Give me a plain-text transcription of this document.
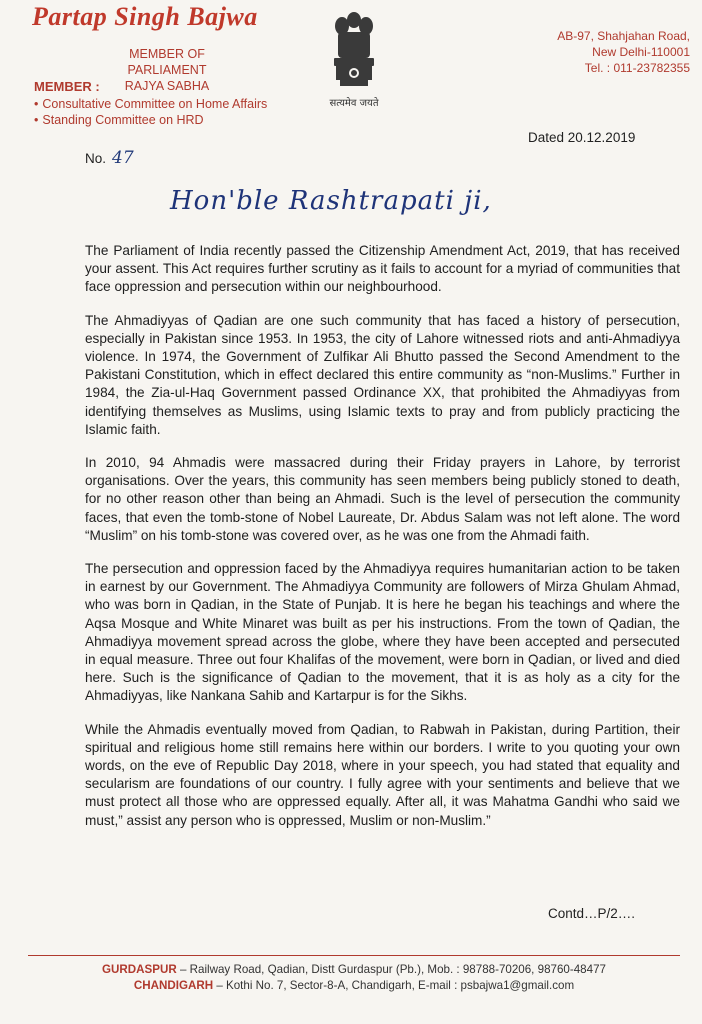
Partap Singh Bajwa
MEMBER OF PARLIAMENT
RAJYA SABHA
MEMBER :
• Consultative Committee on Home Affairs
• Standing Committee on HRD
सत्यमेव जयते
AB-97, Shahjahan Road,
New Delhi-110001
Tel. : 011-23782355
Dated 20.12.2019
No. 47
Hon'ble Rashtrapati ji,

The Parliament of India recently passed the Citizenship Amendment Act, 2019, that has received your assent. This Act requires further scrutiny as it fails to account for a myriad of communities that face oppression and persecution within our neighbourhood.

The Ahmadiyyas of Qadian are one such community that has faced a history of persecution, especially in Pakistan since 1953. In 1953, the city of Lahore witnessed riots and anti-Ahmadiyya violence. In 1974, the Government of Zulfikar Ali Bhutto passed the Second Amendment to the Pakistani Constitution, which in effect declared this entire community as “non-Muslims.” Further in 1984, the Zia-ul-Haq Government passed Ordinance XX, that prohibited the Ahmadiyyas from identifying themselves as Muslims, using Islamic texts to pray and from publicly practicing the Islamic faith.

In 2010, 94 Ahmadis were massacred during their Friday prayers in Lahore, by terrorist organisations. Over the years, this community has seen members being publicly stoned to death, for no other reason other than being an Ahmadi. Such is the level of persecution the community faces, that even the tomb-stone of Nobel Laureate, Dr. Abdus Salam was not left alone. The word “Muslim” on his tomb-stone was covered over, as he was one from the Ahmadi faith.

The persecution and oppression faced by the Ahmadiyya requires humanitarian action to be taken in earnest by our Government. The Ahmadiyya Community are followers of Mirza Ghulam Ahmad, who was born in Qadian, in the State of Punjab. It is here he began his teachings and where the Aqsa Mosque and White Minaret was built as per his instructions. From the town of Qadian, the Ahmadiyya movement spread across the globe, where they have been accepted and persecuted in equal measure. Three out four Khalifas of the movement, were born in Qadian, or lived and died here. Such is the significance of Qadian to the movement, that it is as holy as a city for the Ahmadiyyas, like Nankana Sahib and Kartarpur is for the Sikhs.

While the Ahmadis eventually moved from Qadian, to Rabwah in Pakistan, during Partition, their spiritual and religious home still remains here within our borders. I write to you quoting your own words, on the eve of Republic Day 2018, where in your speech, you had stated that equality and secularism are foundations of our country. I fully agree with your sentiments and believe that we must protect all those who are oppressed equally. After all, it was Mahatma Gandhi who said we must,” assist any person who is oppressed, Muslim or non-Muslim.”

Contd…P/2….
GURDASPUR – Railway Road, Qadian, Distt Gurdaspur (Pb.), Mob. : 98788-70206, 98760-48477
CHANDIGARH – Kothi No. 7, Sector-8-A, Chandigarh, E-mail : psbajwa1@gmail.com
